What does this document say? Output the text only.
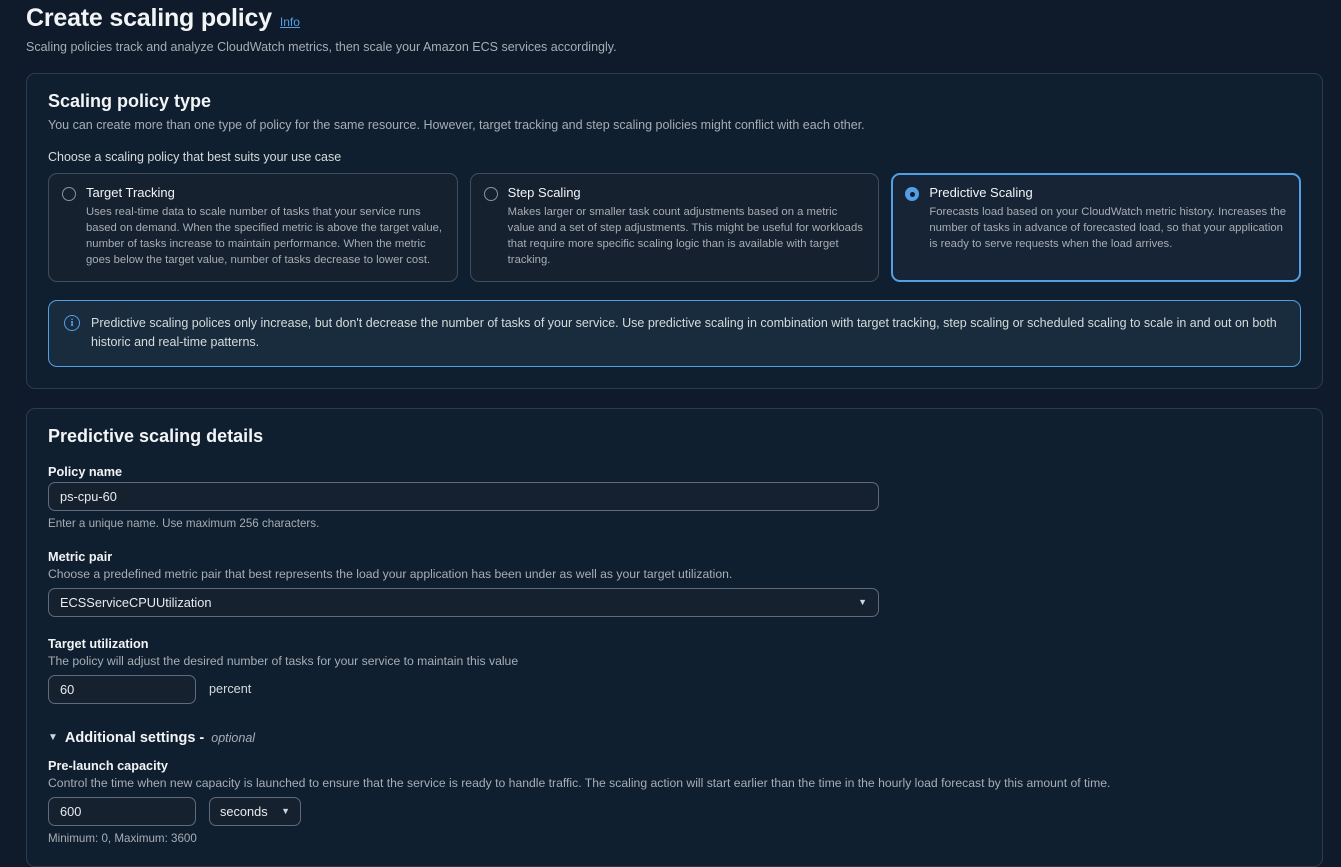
Create scaling policy Info
Scaling policies track and analyze CloudWatch metrics, then scale your Amazon ECS services accordingly.
Scaling policy type
You can create more than one type of policy for the same resource. However, target tracking and step scaling policies might conflict with each other.
Choose a scaling policy that best suits your use case
Target Tracking
Uses real-time data to scale number of tasks that your service runs based on demand. When the specified metric is above the target value, number of tasks increase to maintain performance. When the metric goes below the target value, number of tasks decrease to lower cost.
Step Scaling
Makes larger or smaller task count adjustments based on a metric value and a set of step adjustments. This might be useful for workloads that require more specific scaling logic than is available with target tracking.
Predictive Scaling
Forecasts load based on your CloudWatch metric history. Increases the number of tasks in advance of forecasted load, so that your application is ready to serve requests when the load arrives.
i	Predictive scaling polices only increase, but don't decrease the number of tasks of your service. Use predictive scaling in combination with target tracking, step scaling or scheduled scaling to scale in and out on both historic and real-time patterns.
Predictive scaling details
Policy name
ps-cpu-60
Enter a unique name. Use maximum 256 characters.
Metric pair
Choose a predefined metric pair that best represents the load your application has been under as well as your target utilization.
ECSServiceCPUUtilization	▼
Target utilization
The policy will adjust the desired number of tasks for your service to maintain this value
60
percent
▼ Additional settings - optional
Pre-launch capacity
Control the time when new capacity is launched to ensure that the service is ready to handle traffic. The scaling action will start earlier than the time in the hourly load forecast by this amount of time.
600
seconds ▼
Minimum: 0, Maximum: 3600
